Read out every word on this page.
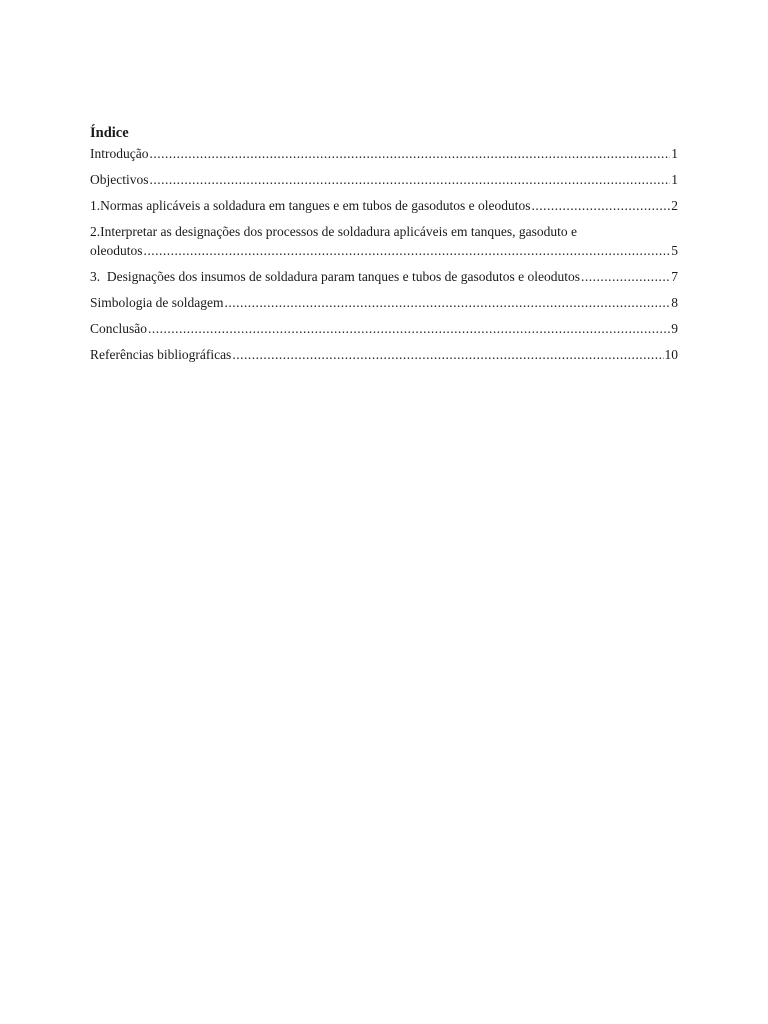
Índice
Introdução .....	1
Objectivos .....	1
1.Normas aplicáveis a soldadura em tangues e em tubos de gasodutos e oleodutos .....	2
2.Interpretar as designações dos processos de soldadura aplicáveis em tanques, gasoduto e
oleodutos .....	5
3.  Designações dos insumos de soldadura param tanques e tubos de gasodutos e oleodutos .....	7
Simbologia de soldagem .....	8
Conclusão .....	9
Referências bibliográficas .....	10
